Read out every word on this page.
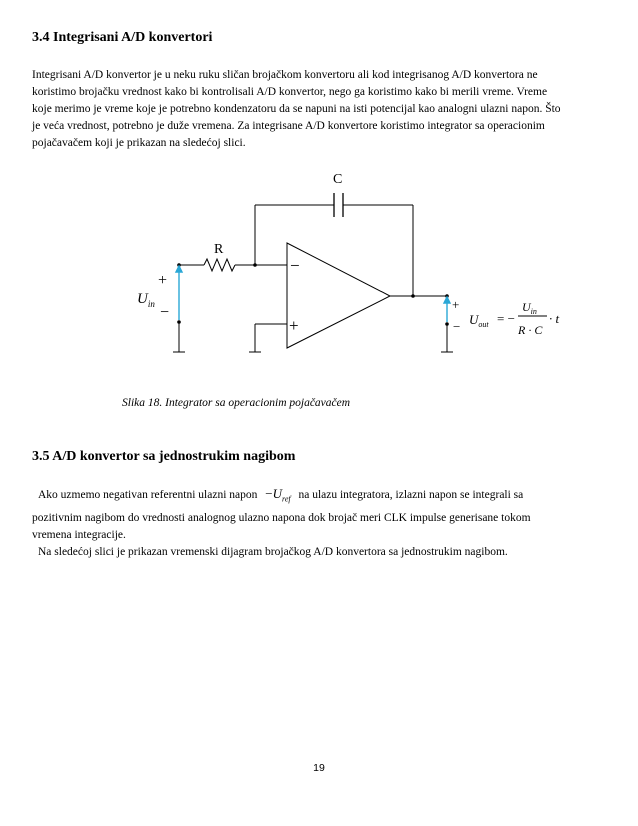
3.4 Integrisani A/D konvertori
Integrisani A/D konvertor je u neku ruku sličan brojačkom konvertoru ali kod integrisanog A/D konvertora ne
koristimo brojačku vrednost kako bi kontrolisali A/D konvertor, nego ga koristimo kako bi merili vreme. Vreme
koje merimo je vreme koje je potrebno kondenzatoru da se napuni na isti potencijal kao analogni ulazni napon. Što
je veća vrednost, potrebno je duže vremena. Za integrisane A/D konvertore koristimo integrator sa operacionim
pojačavačem koji je prikazan na sledećoj slici.
C
R
−
+
+
−
$U_{in}$	+
− $U_{out}$ = −
$U_{in}$
R · C
· t

Slika 18. Integrator sa operacionim pojačavačem

3.5 A/D konvertor sa jednostrukim nagibom
Ako uzmemo negativan referentni ulazni napon $-U_{ref}$ na ulazu integratora, izlazni napon se integrali sa
pozitivnim nagibom do vrednosti analognog ulazno napona dok brojač meri CLK impulse generisane tokom
vremena integracije.
Na sledećoj slici je prikazan vremenski dijagram brojačkog A/D konvertora sa jednostrukim nagibom.
19
